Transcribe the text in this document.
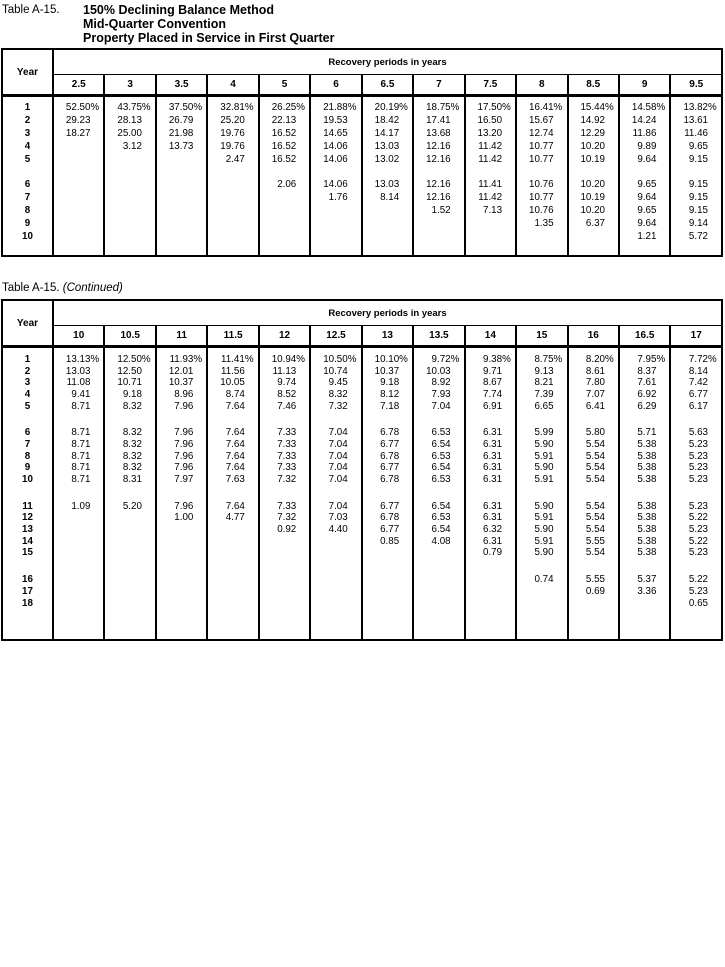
Table A-15.	150% Declining Balance Method
Mid-Quarter Convention
Property Placed in Service in First Quarter
Year	Recovery periods in years												
	2.5	3	3.5	4	5	6	6.5	7	7.5	8	8.5	9	9.5

1	52.50%	43.75%	37.50%	32.81%	26.25%	21.88%	20.19%	18.75%	17.50%	16.41%	15.44%	14.58%	13.82%
2	29.23	28.13	26.79	25.20	22.13	19.53	18.42	17.41	16.50	15.67	14.92	14.24	13.61
3	18.27	25.00	21.98	19.76	16.52	14.65	14.17	13.68	13.20	12.74	12.29	11.86	11.46
4		3.12	13.73	19.76	16.52	14.06	13.03	12.16	11.42	10.77	10.20	9.89	9.65
5				2.47	16.52	14.06	13.02	12.16	11.42	10.77	10.19	9.64	9.15

6					2.06	14.06	13.03	12.16	11.41	10.76	10.20	9.65	9.15
7						1.76	8.14	12.16	11.42	10.77	10.19	9.64	9.15
8								1.52	7.13	10.76	10.20	9.65	9.15
9										1.35	6.37	9.64	9.14
10												1.21	5.72

Table A-15. (Continued)
Year	Recovery periods in years												
	10	10.5	11	11.5	12	12.5	13	13.5	14	15	16	16.5	17

1	13.13%	12.50%	11.93%	11.41%	10.94%	10.50%	10.10%	9.72%	9.38%	8.75%	8.20%	7.95%	7.72%
2	13.03	12.50	12.01	11.56	11.13	10.74	10.37	10.03	9.71	9.13	8.61	8.37	8.14
3	11.08	10.71	10.37	10.05	9.74	9.45	9.18	8.92	8.67	8.21	7.80	7.61	7.42
4	9.41	9.18	8.96	8.74	8.52	8.32	8.12	7.93	7.74	7.39	7.07	6.92	6.77
5	8.71	8.32	7.96	7.64	7.46	7.32	7.18	7.04	6.91	6.65	6.41	6.29	6.17

6	8.71	8.32	7.96	7.64	7.33	7.04	6.78	6.53	6.31	5.99	5.80	5.71	5.63
7	8.71	8.32	7.96	7.64	7.33	7.04	6.77	6.54	6.31	5.90	5.54	5.38	5.23
8	8.71	8.32	7.96	7.64	7.33	7.04	6.78	6.53	6.31	5.91	5.54	5.38	5.23
9	8.71	8.32	7.96	7.64	7.33	7.04	6.77	6.54	6.31	5.90	5.54	5.38	5.23
10	8.71	8.31	7.97	7.63	7.32	7.04	6.78	6.53	6.31	5.91	5.54	5.38	5.23

11	1.09	5.20	7.96	7.64	7.33	7.04	6.77	6.54	6.31	5.90	5.54	5.38	5.23
12			1.00	4.77	7.32	7.03	6.78	6.53	6.31	5.91	5.54	5.38	5.22
13					0.92	4.40	6.77	6.54	6.32	5.90	5.54	5.38	5.23
14							0.85	4.08	6.31	5.91	5.55	5.38	5.22
15									0.79	5.90	5.54	5.38	5.23

16										0.74	5.55	5.37	5.22
17											0.69	3.36	5.23
18													0.65
